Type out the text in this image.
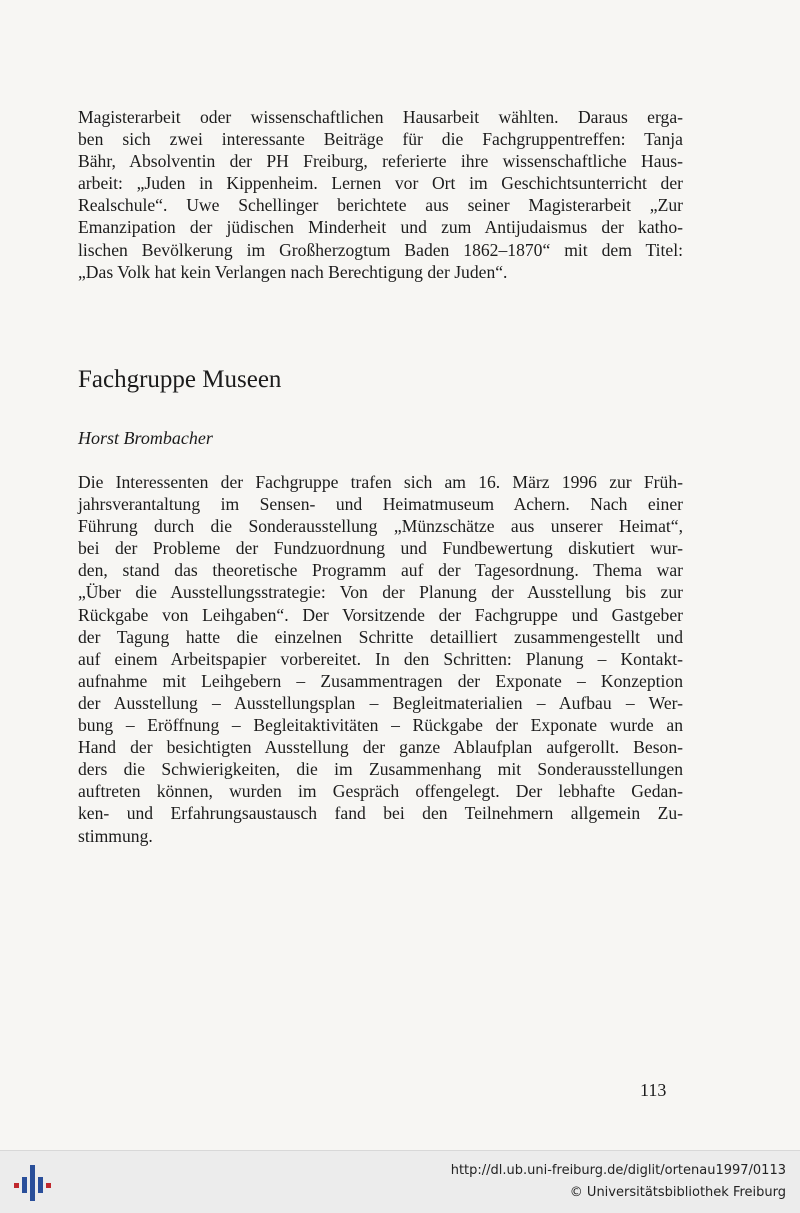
Magisterarbeit oder wissenschaftlichen Hausarbeit wählten. Daraus erga-
ben sich zwei interessante Beiträge für die Fachgruppentreffen: Tanja
Bähr, Absolventin der PH Freiburg, referierte ihre wissenschaftliche Haus-
arbeit: „Juden in Kippenheim. Lernen vor Ort im Geschichtsunterricht der
Realschule“. Uwe Schellinger berichtete aus seiner Magisterarbeit „Zur
Emanzipation der jüdischen Minderheit und zum Antijudaismus der katho-
lischen Bevölkerung im Großherzogtum Baden 1862–1870“ mit dem Titel:
„Das Volk hat kein Verlangen nach Berechtigung der Juden“.
Fachgruppe Museen

Horst Brombacher

Die Interessenten der Fachgruppe trafen sich am 16. März 1996 zur Früh-
jahrsverantaltung im Sensen- und Heimatmuseum Achern. Nach einer
Führung durch die Sonderausstellung „Münzschätze aus unserer Heimat“,
bei der Probleme der Fundzuordnung und Fundbewertung diskutiert wur-
den, stand das theoretische Programm auf der Tagesordnung. Thema war
„Über die Ausstellungsstrategie: Von der Planung der Ausstellung bis zur
Rückgabe von Leihgaben“. Der Vorsitzende der Fachgruppe und Gastgeber
der Tagung hatte die einzelnen Schritte detailliert zusammengestellt und
auf einem Arbeitspapier vorbereitet. In den Schritten: Planung – Kontakt-
aufnahme mit Leihgebern – Zusammentragen der Exponate – Konzeption
der Ausstellung – Ausstellungsplan – Begleitmaterialien – Aufbau – Wer-
bung – Eröffnung – Begleitaktivitäten – Rückgabe der Exponate wurde an
Hand der besichtigten Ausstellung der ganze Ablaufplan aufgerollt. Beson-
ders die Schwierigkeiten, die im Zusammenhang mit Sonderausstellungen
auftreten können, wurden im Gespräch offengelegt. Der lebhafte Gedan-
ken- und Erfahrungsaustausch fand bei den Teilnehmern allgemein Zu-
stimmung.

113

http://dl.ub.uni-freiburg.de/diglit/ortenau1997/0113
© Universitätsbibliothek Freiburg
